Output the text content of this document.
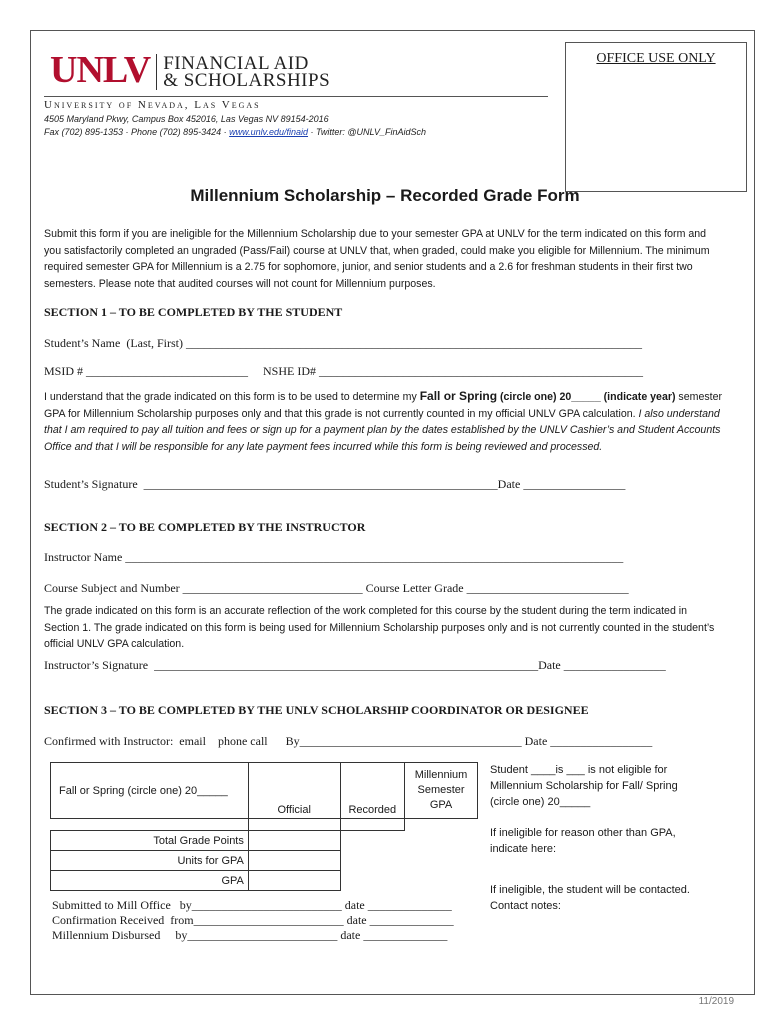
UNLV FINANCIAL AID
& SCHOLARSHIPS
University of Nevada, Las Vegas
4505 Maryland Pkwy, Campus Box 452016, Las Vegas NV 89154-2016
Fax (702) 895-1353 · Phone (702) 895-3424 · www.unlv.edu/finaid · Twitter: @UNLV_FinAidSch
OFFICE USE ONLY
Millennium Scholarship – Recorded Grade Form
Submit this form if you are ineligible for the Millennium Scholarship due to your semester GPA at UNLV for the term indicated on this form and you satisfactorily completed an ungraded (Pass/Fail) course at UNLV that, when graded, could make you eligible for Millennium. The minimum required semester GPA for Millennium is a 2.75 for sophomore, junior, and senior students and a 2.6 for freshman students in their first two semesters. Please note that audited courses will not count for Millennium purposes.
SECTION 1 – TO BE COMPLETED BY THE STUDENT
Student’s Name  (Last, First) ____________________________________________________________________________
MSID # ___________________________     NSHE ID# ______________________________________________________
I understand that the grade indicated on this form is to be used to determine my Fall or Spring (circle one) 20_____ (indicate year) semester GPA for Millennium Scholarship purposes only and that this grade is not currently counted in my official UNLV GPA calculation. I also understand that I am required to pay all tuition and fees or sign up for a payment plan by the dates established by the UNLV Cashier’s and Student Accounts Office and that I will be responsible for any late payment fees incurred while this form is being reviewed and processed.
Student’s Signature  ___________________________________________________________Date _________________
SECTION 2 – TO BE COMPLETED BY THE INSTRUCTOR
Instructor Name ___________________________________________________________________________________
Course Subject and Number ______________________________ Course Letter Grade ___________________________
The grade indicated on this form is an accurate reflection of the work completed for this course by the student during the term indicated in Section 1. The grade indicated on this form is being used for Millennium Scholarship purposes only and is not currently counted in the student’s official UNLV GPA calculation.
Instructor’s Signature  ________________________________________________________________Date _________________
SECTION 3 – TO BE COMPLETED BY THE UNLV SCHOLARSHIP COORDINATOR OR DESIGNEE
Confirmed with Instructor:  email    phone call      By_____________________________________ Date _________________
Fall or Spring (circle one) 20_____	Official	Recorded	Millennium Semester GPA

Total Grade Points			
Units for GPA			
GPA			
Student ____is ___ is not eligible for Millennium Scholarship for Fall/ Spring (circle one) 20_____
If ineligible for reason other than GPA, indicate here:
If ineligible, the student will be contacted. Contact notes:
Submitted to Mill Office   by_________________________ date ______________
Confirmation Received  from_________________________ date ______________
Millennium Disbursed     by_________________________ date ______________
11/2019
